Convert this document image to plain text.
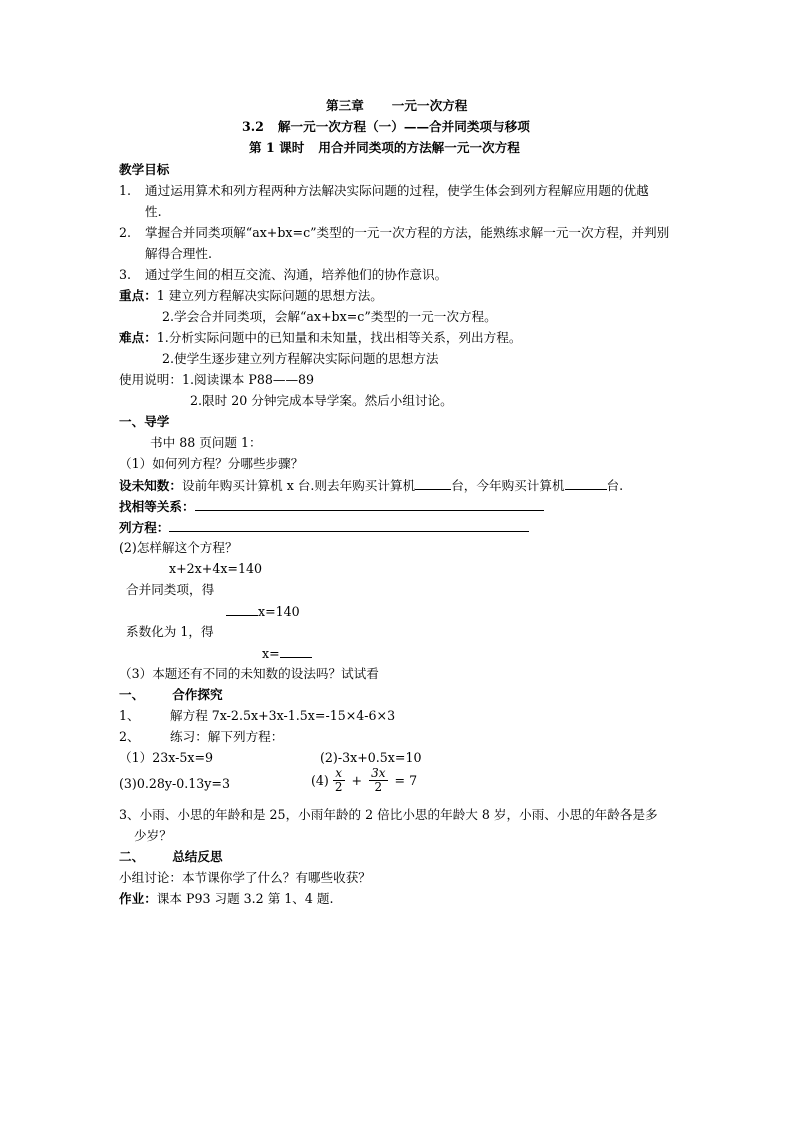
第三章 一元一次方程
3.2 解一元一次方程（一）——合并同类项与移项
第 1 课时 用合并同类项的方法解一元一次方程
教学目标
1. 通过运用算术和列方程两种方法解决实际问题的过程，使学生体会到列方程解应用题的优越
性.
2. 掌握合并同类项解“ax+bx=c”类型的一元一次方程的方法，能熟练求解一元一次方程，并判别
解得合理性.
3. 通过学生间的相互交流、沟通，培养他们的协作意识。
重点：1 建立列方程解决实际问题的思想方法。
2.学会合并同类项，会解“ax+bx=c”类型的一元一次方程。
难点：1.分析实际问题中的已知量和未知量，找出相等关系，列出方程。
2.使学生逐步建立列方程解决实际问题的思想方法
使用说明：1.阅读课本 P88——89
2.限时 20 分钟完成本导学案。然后小组讨论。
一、导学
书中 88 页问题 1：
（1）如何列方程？分哪些步骤？
设未知数：设前年购买计算机 x 台.则去年购买计算机	台，今年购买计算机	台.
找相等关系：
列方程：
(2)怎样解这个方程？
x+2x+4x=140
合并同类项，得
x=140
系数化为 1，得
x=
（3）本题还有不同的未知数的设法吗？试试看
一、 合作探究
1、 解方程 7x-2.5x+3x-1.5x=-15×4-6×3
2、 练习：解下列方程：
（1）23x-5x=9	(2)-3x+0.5x=10
(3)0.28y-0.13y=3	$(4) \frac{x}{2} + \frac{3x}{2} = 7$
3、小雨、小思的年龄和是 25，小雨年龄的 2 倍比小思的年龄大 8 岁，小雨、小思的年龄各是多
少岁？
二、 总结反思
小组讨论：本节课你学了什么？有哪些收获？
作业：课本 P93 习题 3.2 第 1、4 题.
